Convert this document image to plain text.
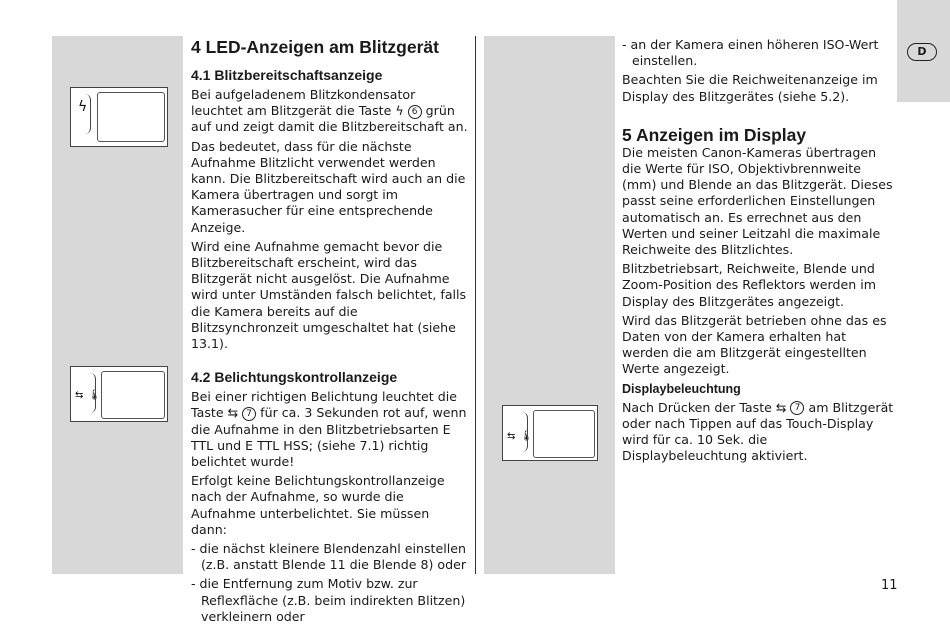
ϟ
⇆ 🌡
⇆ 🌡
4 LED-Anzeigen am Blitzgerät
4.1 Blitzbereitschaftsanzeige

Bei aufgeladenem Blitzkondensator leuchtet am Blitzgerät die Taste ϟ 6 grün auf und zeigt damit die Blitzbereitschaft an.

Das bedeutet, dass für die nächste Aufnahme Blitzlicht verwendet werden kann. Die Blitzbereitschaft wird auch an die Kamera übertragen und sorgt im Kamerasucher für eine entsprechende Anzeige.

Wird eine Aufnahme gemacht bevor die Blitzbereitschaft erscheint, wird das Blitzgerät nicht ausgelöst. Die Aufnahme wird unter Umständen falsch belichtet, falls die Kamera bereits auf die Blitzsynchronzeit umgeschaltet hat (siehe 13.1).

4.2 Belichtungskontrollanzeige

Bei einer richtigen Belichtung leuchtet die Taste ⇆ 7 für ca. 3 Sekunden rot auf, wenn die Aufnahme in den Blitzbetriebsarten E TTL und E TTL HSS; (siehe 7.1) richtig belichtet wurde!

Erfolgt keine Belichtungskontrollanzeige nach der Aufnahme, so wurde die Aufnahme unterbelichtet. Sie müssen dann:

- die nächst kleinere Blendenzahl einstellen (z.B. anstatt Blende 11 die Blende 8) oder

- die Entfernung zum Motiv bzw. zur Reflexfläche (z.B. beim indirekten Blitzen) verkleinern oder

- an der Kamera einen höheren ISO-Wert einstellen.

Beachten Sie die Reichweitenanzeige im Display des Blitzgerätes (siehe 5.2).

5 Anzeigen im Display

Die meisten Canon-Kameras übertragen die Werte für ISO, Objektivbrennweite (mm) und Blende an das Blitzgerät. Dieses passt seine erforderlichen Einstellungen automatisch an. Es errechnet aus den Werten und seiner Leitzahl die maximale Reichweite des Blitzlichtes.

Blitzbetriebsart, Reichweite, Blende und Zoom-Position des Reflektors werden im Display des Blitzgerätes angezeigt.

Wird das Blitzgerät betrieben ohne das es Daten von der Kamera erhalten hat werden die am Blitzgerät eingestellten Werte angezeigt.

Displaybeleuchtung

Nach Drücken der Taste ⇆ 7 am Blitzgerät oder nach Tippen auf das Touch-Display wird für ca. 10 Sek. die Displaybeleuchtung aktiviert.

D
11
